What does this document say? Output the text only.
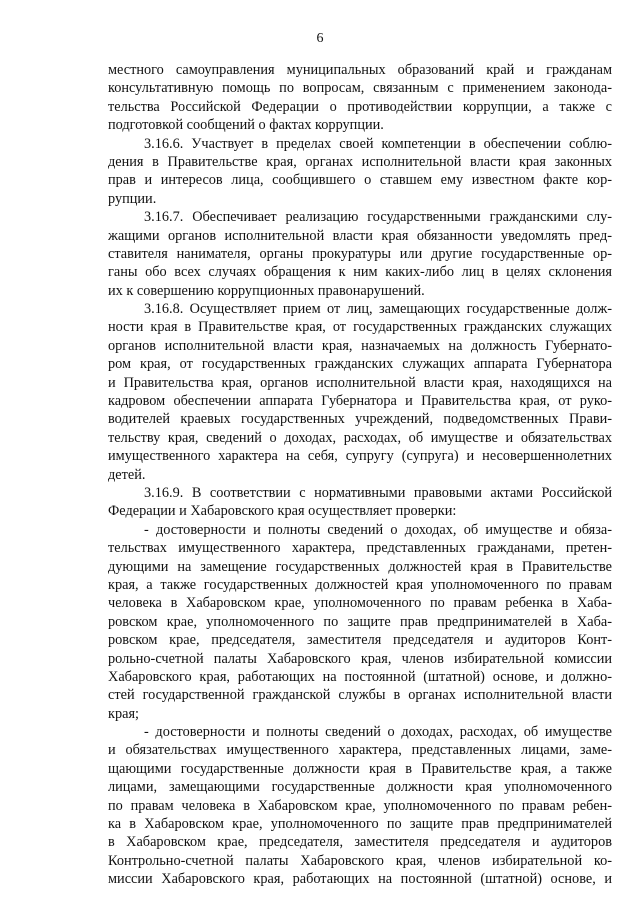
6
местного самоуправления муниципальных образований край и гражданам
консультативную помощь по вопросам, связанным с применением законода-
тельства Российской Федерации о противодействии коррупции, а также с
подготовкой сообщений о фактах коррупции.
3.16.6. Участвует в пределах своей компетенции в обеспечении соблю-
дения в Правительстве края, органах исполнительной власти края законных
прав и интересов лица, сообщившего о ставшем ему известном факте кор-
рупции.
3.16.7. Обеспечивает реализацию государственными гражданскими слу-
жащими органов исполнительной власти края обязанности уведомлять пред-
ставителя нанимателя, органы прокуратуры или другие государственные ор-
ганы обо всех случаях обращения к ним каких-либо лиц в целях склонения
их к совершению коррупционных правонарушений.
3.16.8. Осуществляет прием от лиц, замещающих государственные долж-
ности края в Правительстве края, от государственных гражданских служащих
органов исполнительной власти края, назначаемых на должность Губернато-
ром края, от государственных гражданских служащих аппарата Губернатора
и Правительства края, органов исполнительной власти края, находящихся на
кадровом обеспечении аппарата Губернатора и Правительства края, от руко-
водителей краевых государственных учреждений, подведомственных Прави-
тельству края, сведений о доходах, расходах, об имуществе и обязательствах
имущественного характера на себя, супругу (супруга) и несовершеннолетних
детей.
3.16.9. В соответствии с нормативными правовыми актами Российской
Федерации и Хабаровского края осуществляет проверки:
- достоверности и полноты сведений о доходах, об имуществе и обяза-
тельствах имущественного характера, представленных гражданами, претен-
дующими на замещение государственных должностей края в Правительстве
края, а также государственных должностей края уполномоченного по правам
человека в Хабаровском крае, уполномоченного по правам ребенка в Хаба-
ровском крае, уполномоченного по защите прав предпринимателей в Хаба-
ровском крае, председателя, заместителя председателя и аудиторов Конт-
рольно-счетной палаты Хабаровского края, членов избирательной комиссии
Хабаровского края, работающих на постоянной (штатной) основе, и должно-
стей государственной гражданской службы в органах исполнительной власти
края;
- достоверности и полноты сведений о доходах, расходах, об имуществе
и обязательствах имущественного характера, представленных лицами, заме-
щающими государственные должности края в Правительстве края, а также
лицами, замещающими государственные должности края уполномоченного
по правам человека в Хабаровском крае, уполномоченного по правам ребен-
ка в Хабаровском крае, уполномоченного по защите прав предпринимателей
в Хабаровском крае, председателя, заместителя председателя и аудиторов
Контрольно-счетной палаты Хабаровского края, членов избирательной ко-
миссии Хабаровского края, работающих на постоянной (штатной) основе, и
